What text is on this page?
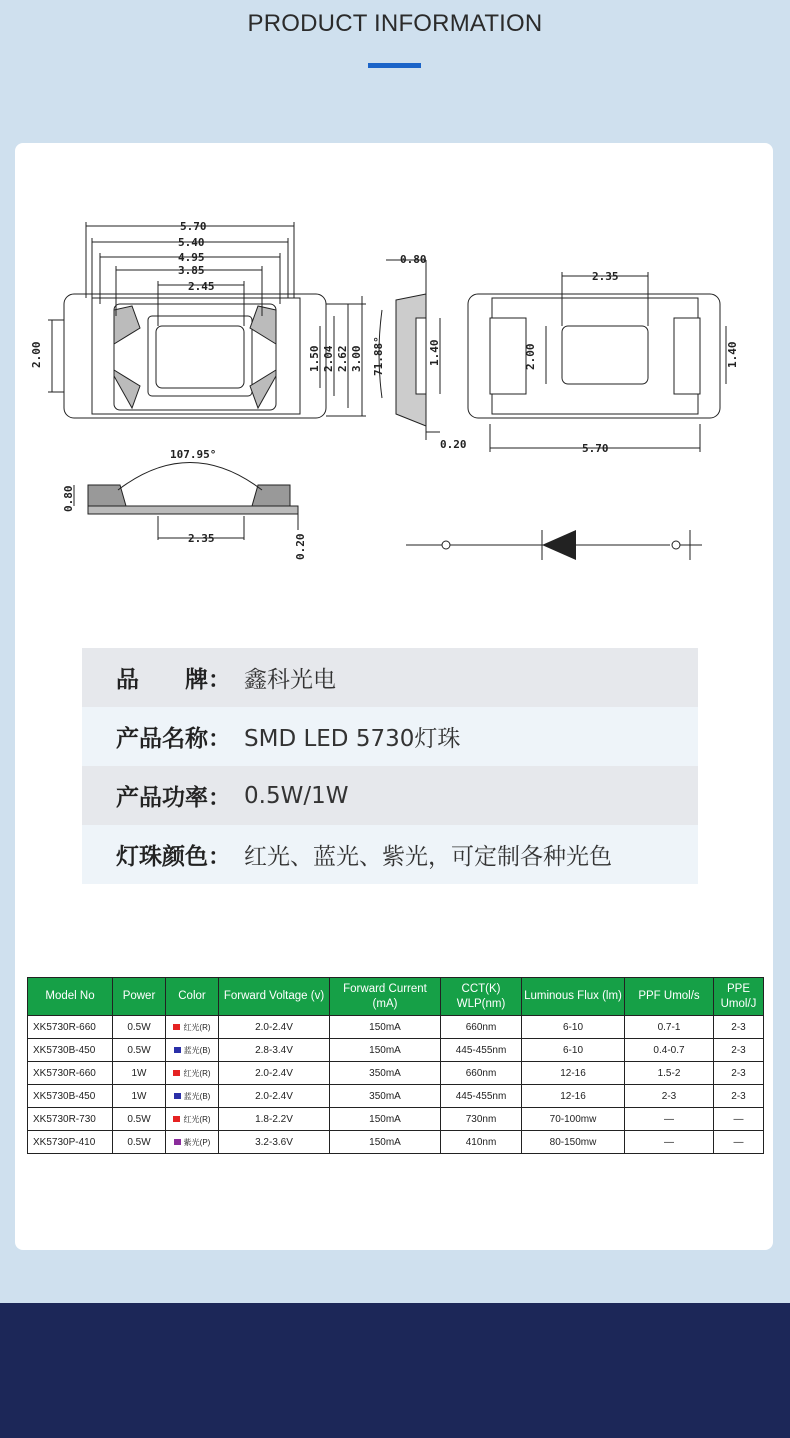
PRODUCT INFORMATION
5.70
5.40
4.95
3.85
2.45
2.00	1.50 2.04 2.62 3.00
0.80
71.88°	1.40
0.20
2.35
2.00	1.40
5.70
107.95°
0.80
2.35	0.20
品　　牌： 鑫科光电
产品名称： SMD LED 5730灯珠
产品功率： 0.5W/1W
灯珠颜色： 红光、蓝光、紫光，可定制各种光色
Model No	Power	Color	Forward Voltage (v)	Forward Current (mA)	CCT(K) WLP(nm)	Luminous Flux (lm)	PPF Umol/s	PPE Umol/J
XK5730R-660	0.5W	红光(R)	2.0-2.4V	150mA	660nm	6-10	0.7-1	2-3
XK5730B-450	0.5W	蓝光(B)	2.8-3.4V	150mA	445-455nm	6-10	0.4-0.7	2-3
XK5730R-660	1W	红光(R)	2.0-2.4V	350mA	660nm	12-16	1.5-2	2-3
XK5730B-450	1W	蓝光(B)	2.0-2.4V	350mA	445-455nm	12-16	2-3	2-3
XK5730R-730	0.5W	红光(R)	1.8-2.2V	150mA	730nm	70-100mw	—	—
XK5730P-410	0.5W	紫光(P)	3.2-3.6V	150mA	410nm	80-150mw	—	—
